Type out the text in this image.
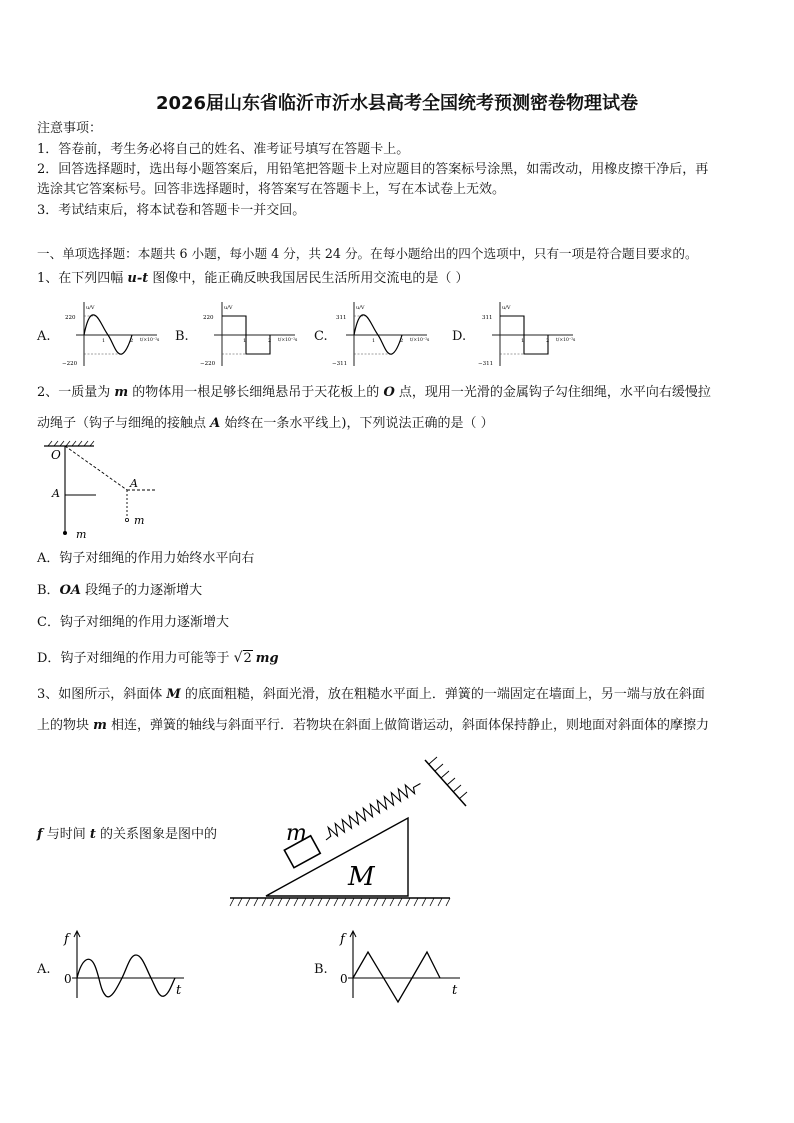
2026届山东省临沂市沂水县高考全国统考预测密卷物理试卷
注意事项：
1．答卷前，考生务必将自己的姓名、准考证号填写在答题卡上。
2．回答选择题时，选出每小题答案后，用铅笔把答题卡上对应题目的答案标号涂黑，如需改动，用橡皮擦干净后，再
选涂其它答案标号。回答非选择题时，将答案写在答题卡上，写在本试卷上无效。
3．考试结束后，将本试卷和答题卡一并交回。
一、单项选择题：本题共 6 小题，每小题 4 分，共 24 分。在每小题给出的四个选项中，只有一项是符合题目要求的。
1、在下列四幅 u-t 图像中，能正确反映我国居民生活所用交流电的是（ ）
A.
u/V
t/×10⁻²s
220
−220
1	2	B.
u/V
t/×10⁻²s
220
−220
1	2	C.
u/V
t/×10⁻²s
311
−311
1	2	D.
u/V
t/×10⁻²s
311
−311
1	2
2、一质量为 m 的物体用一根足够长细绳悬吊于天花板上的 O 点，现用一光滑的金属钩子勾住细绳，水平向右缓慢拉
动绳子（钩子与细绳的接触点 A 始终在一条水平线上)，下列说法正确的是（ ）
O
A
m
A
m
A．钩子对细绳的作用力始终水平向右
B．OA 段绳子的力逐渐增大
C．钩子对细绳的作用力逐渐增大
D．钩子对细绳的作用力可能等于 √2 mg
3、如图所示，斜面体 M 的底面粗糙，斜面光滑，放在粗糙水平面上．弹簧的一端固定在墙面上，另一端与放在斜面
上的物块 m 相连，弹簧的轴线与斜面平行．若物块在斜面上做简谐运动，斜面体保持静止，则地面对斜面体的摩擦力
f 与时间 t 的关系图象是图中的
M
m
A.
f
0
t
B.
f
0
t
